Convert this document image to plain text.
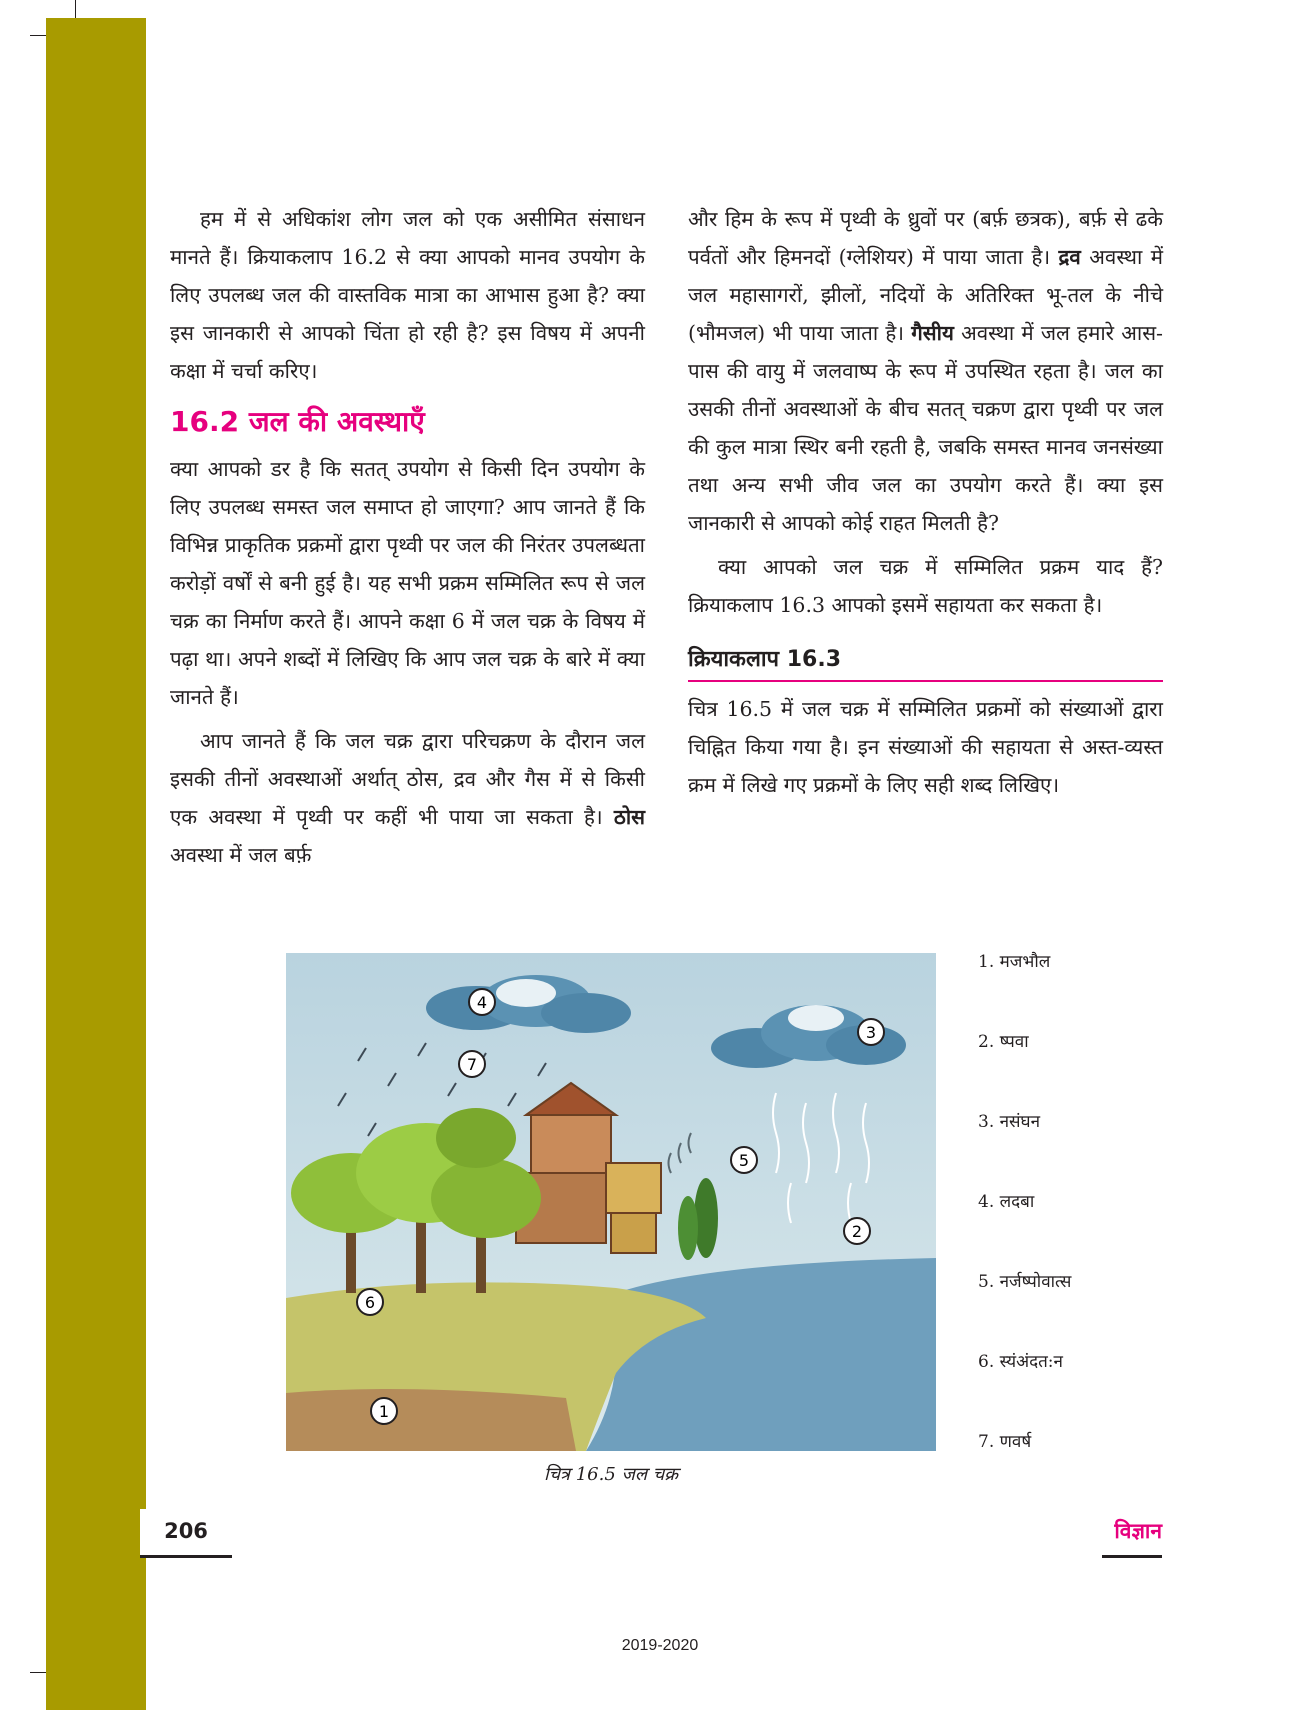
हम में से अधिकांश लोग जल को एक असीमित संसाधन मानते हैं। क्रियाकलाप 16.2 से क्या आपको मानव उपयोग के लिए उपलब्ध जल की वास्तविक मात्रा का आभास हुआ है? क्या इस जानकारी से आपको चिंता हो रही है? इस विषय में अपनी कक्षा में चर्चा करिए।

16.2 जल की अवस्थाएँ

क्या आपको डर है कि सतत् उपयोग से किसी दिन उपयोग के लिए उपलब्ध समस्त जल समाप्त हो जाएगा? आप जानते हैं कि विभिन्न प्राकृतिक प्रक्रमों द्वारा पृथ्वी पर जल की निरंतर उपलब्धता करोड़ों वर्षों से बनी हुई है। यह सभी प्रक्रम सम्मिलित रूप से जल चक्र का निर्माण करते हैं। आपने कक्षा 6 में जल चक्र के विषय में पढ़ा था। अपने शब्दों में लिखिए कि आप जल चक्र के बारे में क्या जानते हैं।

आप जानते हैं कि जल चक्र द्वारा परिचक्रण के दौरान जल इसकी तीनों अवस्थाओं अर्थात् ठोस, द्रव और गैस में से किसी एक अवस्था में पृथ्वी पर कहीं भी पाया जा सकता है। ठोस अवस्था में जल बर्फ़

और हिम के रूप में पृथ्वी के ध्रुवों पर (बर्फ़ छत्रक), बर्फ़ से ढके पर्वतों और हिमनदों (ग्लेशियर) में पाया जाता है। द्रव अवस्था में जल महासागरों, झीलों, नदियों के अतिरिक्त भू-तल के नीचे (भौमजल) भी पाया जाता है। गैसीय अवस्था में जल हमारे आस-पास की वायु में जलवाष्प के रूप में उपस्थित रहता है। जल का उसकी तीनों अवस्थाओं के बीच सतत् चक्रण द्वारा पृथ्वी पर जल की कुल मात्रा स्थिर बनी रहती है, जबकि समस्त मानव जनसंख्या तथा अन्य सभी जीव जल का उपयोग करते हैं। क्या इस जानकारी से आपको कोई राहत मिलती है?

क्या आपको जल चक्र में सम्मिलित प्रक्रम याद हैं? क्रियाकलाप 16.3 आपको इसमें सहायता कर सकता है।

क्रियाकलाप 16.3

चित्र 16.5 में जल चक्र में सम्मिलित प्रक्रमों को संख्याओं द्वारा चिह्नित किया गया है। इन संख्याओं की सहायता से अस्त-व्यस्त क्रम में लिखे गए प्रक्रमों के लिए सही शब्द लिखिए।

4
3
7
5
2
6
1
चित्र 16.5 जल चक्र
1. मजभौल
2. ष्पवा
3. नसंघन
4. लदबा
5. नर्जष्पोवात्स
6. स्यंअंदत:न
7. णवर्ष
206	विज्ञान
2019-2020
